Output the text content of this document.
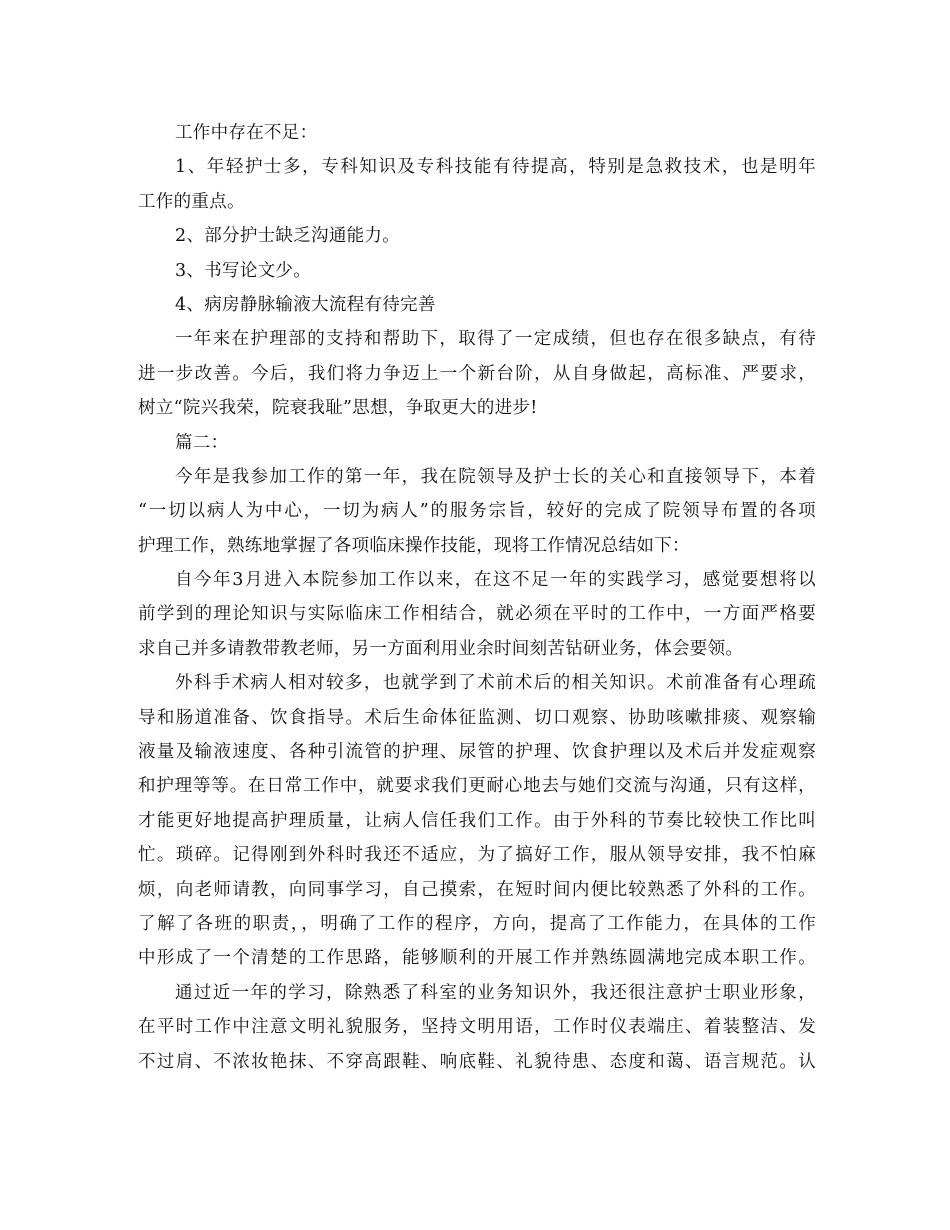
工作中存在不足：
1、年轻护士多，专科知识及专科技能有待提高，特别是急救技术，也是明年
工作的重点。
2、部分护士缺乏沟通能力。
3、书写论文少。
4、病房静脉输液大流程有待完善
一年来在护理部的支持和帮助下，取得了一定成绩，但也存在很多缺点，有待
进一步改善。今后，我们将力争迈上一个新台阶，从自身做起，高标准、严要求，
树立“院兴我荣，院衰我耻”思想，争取更大的进步!
篇二：
今年是我参加工作的第一年，我在院领导及护士长的关心和直接领导下，本着
“一切以病人为中心，一切为病人”的服务宗旨，较好的完成了院领导布置的各项
护理工作，熟练地掌握了各项临床操作技能，现将工作情况总结如下：
自今年3月进入本院参加工作以来，在这不足一年的实践学习，感觉要想将以
前学到的理论知识与实际临床工作相结合，就必须在平时的工作中，一方面严格要
求自己并多请教带教老师，另一方面利用业余时间刻苦钻研业务，体会要领。
外科手术病人相对较多，也就学到了术前术后的相关知识。术前准备有心理疏
导和肠道准备、饮食指导。术后生命体征监测、切口观察、协助咳嗽排痰、观察输
液量及输液速度、各种引流管的护理、尿管的护理、饮食护理以及术后并发症观察
和护理等等。在日常工作中，就要求我们更耐心地去与她们交流与沟通，只有这样，
才能更好地提高护理质量，让病人信任我们工作。由于外科的节奏比较快工作比叫
忙。琐碎。记得刚到外科时我还不适应，为了搞好工作，服从领导安排，我不怕麻
烦，向老师请教，向同事学习，自己摸索，在短时间内便比较熟悉了外科的工作。
了解了各班的职责，，明确了工作的程序，方向，提高了工作能力，在具体的工作
中形成了一个清楚的工作思路，能够顺利的开展工作并熟练圆满地完成本职工作。
通过近一年的学习，除熟悉了科室的业务知识外，我还很注意护士职业形象，
在平时工作中注意文明礼貌服务，坚持文明用语，工作时仪表端庄、着装整洁、发
不过肩、不浓妆艳抹、不穿高跟鞋、响底鞋、礼貌待患、态度和蔼、语言规范。认
